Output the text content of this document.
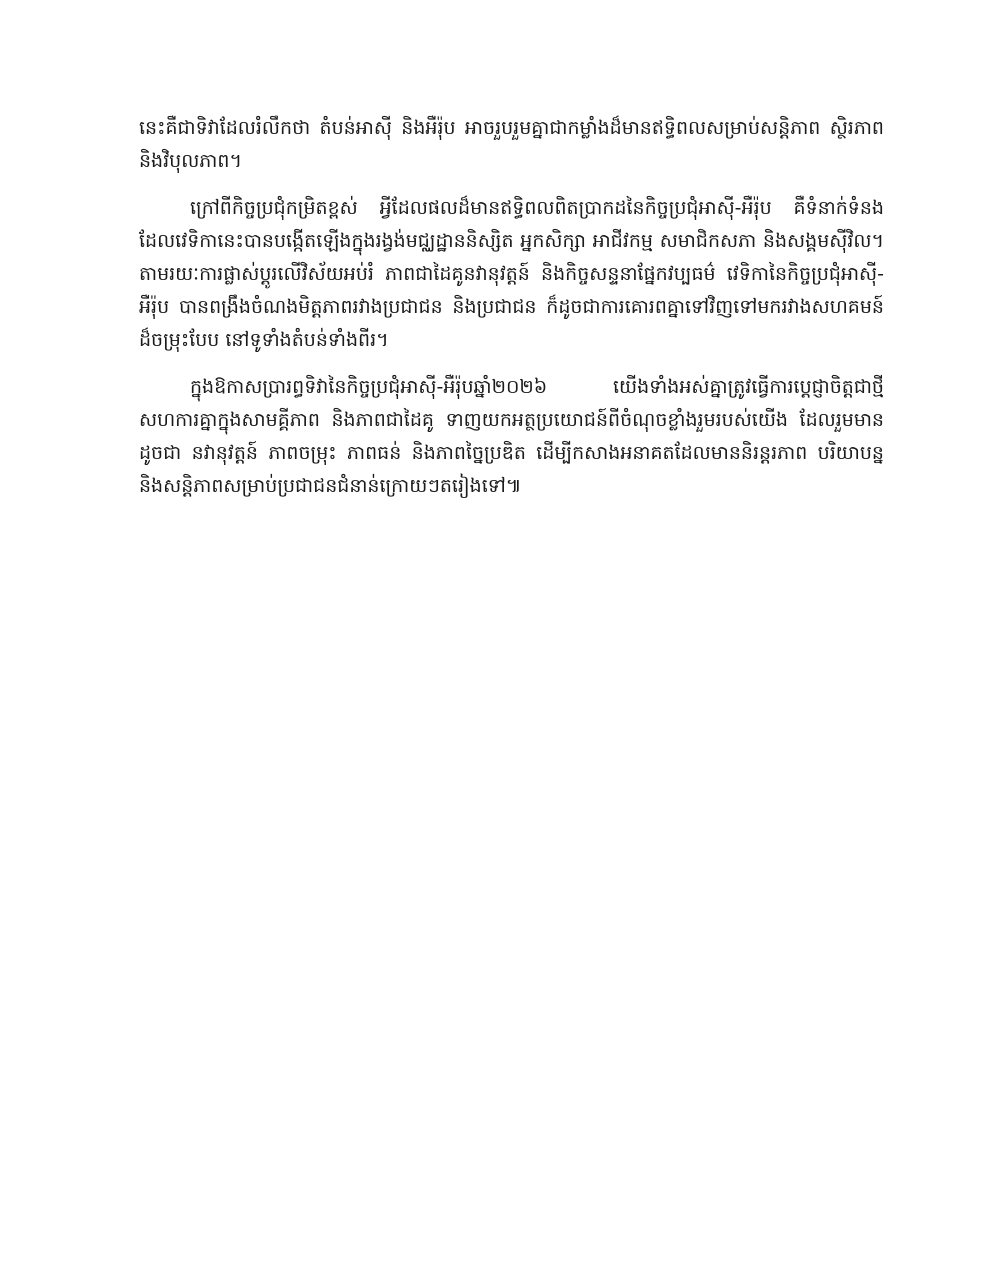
នេះគឺជាទិវាដែលរំលឹកថា តំបន់អាស៊ី និងអឺរ៉ុប អាចរួបរួមគ្នាជាកម្លាំងដ៏មានឥទ្ធិពលសម្រាប់សន្តិភាព ស្ថិរភាព និងវិបុលភាព។

ក្រៅពីកិច្ចប្រជុំកម្រិតខ្ពស់ អ្វីដែលផលដ៏មានឥទ្ធិពលពិតប្រាកដនៃកិច្ចប្រជុំអាស៊ី-អឺរ៉ុប គឺទំនាក់ទំនងដែលវេទិកានេះបានបង្កើតឡើងក្នុងរង្វង់មជ្ឈដ្ឋាននិស្សិត អ្នកសិក្សា អាជីវកម្ម សមាជិកសភា និងសង្គមស៊ីវិល។ តាមរយៈការផ្លាស់ប្តូរលើវិស័យអប់រំ ភាពជាដៃគូនវានុវត្តន៍ និងកិច្ចសន្ទនាផ្នែកវប្បធម៌ វេទិកានៃកិច្ចប្រជុំអាស៊ី-អឺរ៉ុប បានពង្រឹងចំណងមិត្តភាពរវាងប្រជាជន និងប្រជាជន ក៏ដូចជាការគោរពគ្នាទៅវិញទៅមករវាងសហគមន៍ដ៏ចម្រុះបែប នៅទូទាំងតំបន់ទាំងពីរ។

ក្នុងឱកាសប្រារព្ធទិវានៃកិច្ចប្រជុំអាស៊ី-អឺរ៉ុបឆ្នាំ២០២៦ យើងទាំងអស់គ្នាត្រូវធ្វើការប្តេជ្ញាចិត្តជាថ្មីសហការគ្នាក្នុងសាមគ្គីភាព និងភាពជាដៃគូ ទាញយកអត្ថប្រយោជន៍ពីចំណុចខ្លាំងរួមរបស់យើង ដែលរួមមានដូចជា នវានុវត្តន៍ ភាពចម្រុះ ភាពធន់ និងភាពច្នៃប្រឌិត ដើម្បីកសាងអនាគតដែលមាននិរន្តរភាព បរិយាបន្ន និងសន្តិភាពសម្រាប់ប្រជាជនជំនាន់ក្រោយៗតរៀងទៅ៕
